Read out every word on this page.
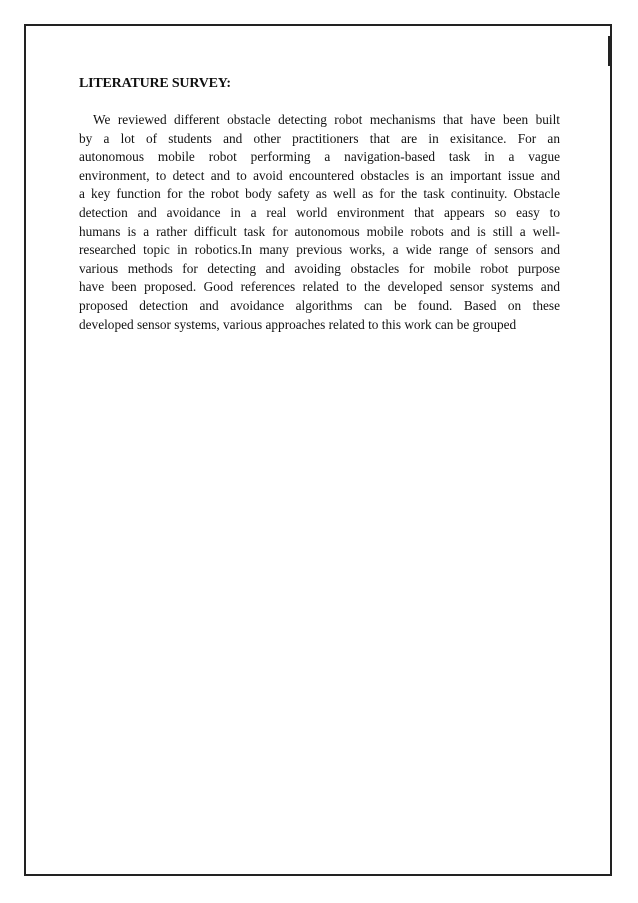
LITERATURE SURVEY:

We reviewed different obstacle detecting robot mechanisms that have been built
by a lot of students and other practitioners that are in exisitance. For an
autonomous mobile robot performing a navigation-based task in a vague
environment, to detect and to avoid encountered obstacles is an important issue and
a key function for the robot body safety as well as for the task continuity. Obstacle
detection and avoidance in a real world environment that appears so easy to
humans is a rather difficult task for autonomous mobile robots and is still a well-
researched topic in robotics.In many previous works, a wide range of sensors and
various methods for detecting and avoiding obstacles for mobile robot purpose
have been proposed. Good references related to the developed sensor systems and
proposed detection and avoidance algorithms can be found. Based on these
developed sensor systems, various approaches related to this work can be grouped
